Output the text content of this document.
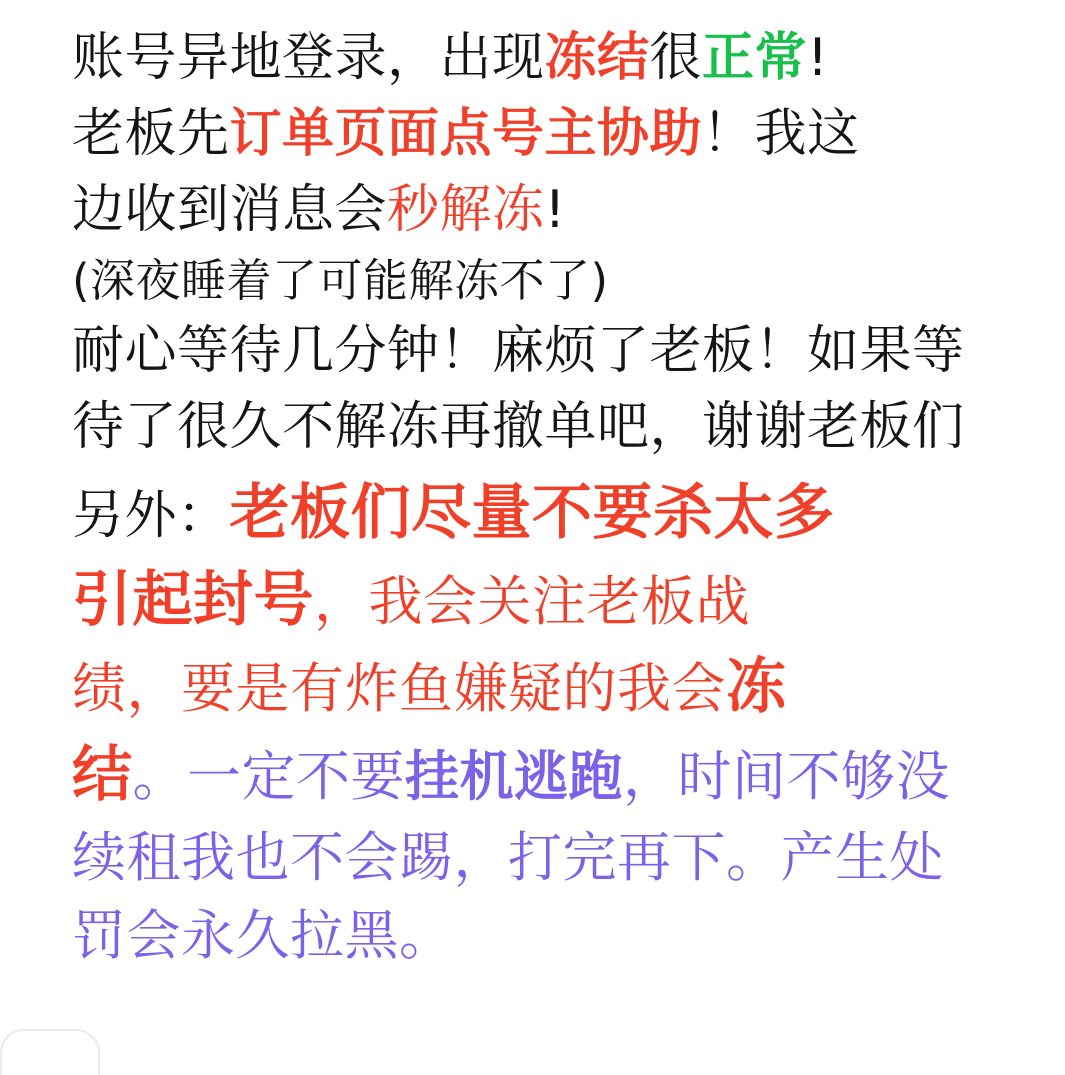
账号异地登录，出现冻结很正常!
老板先订单页面点号主协助！我这
边收到消息会秒解冻!
(深夜睡着了可能解冻不了)
耐心等待几分钟！麻烦了老板！如果等
待了很久不解冻再撤单吧，谢谢老板们
另外：老板们尽量不要杀太多
引起封号，我会关注老板战
绩，要是有炸鱼嫌疑的我会冻
结。一定不要挂机逃跑，时间不够没
续租我也不会踢，打完再下。产生处
罚会永久拉黑。
